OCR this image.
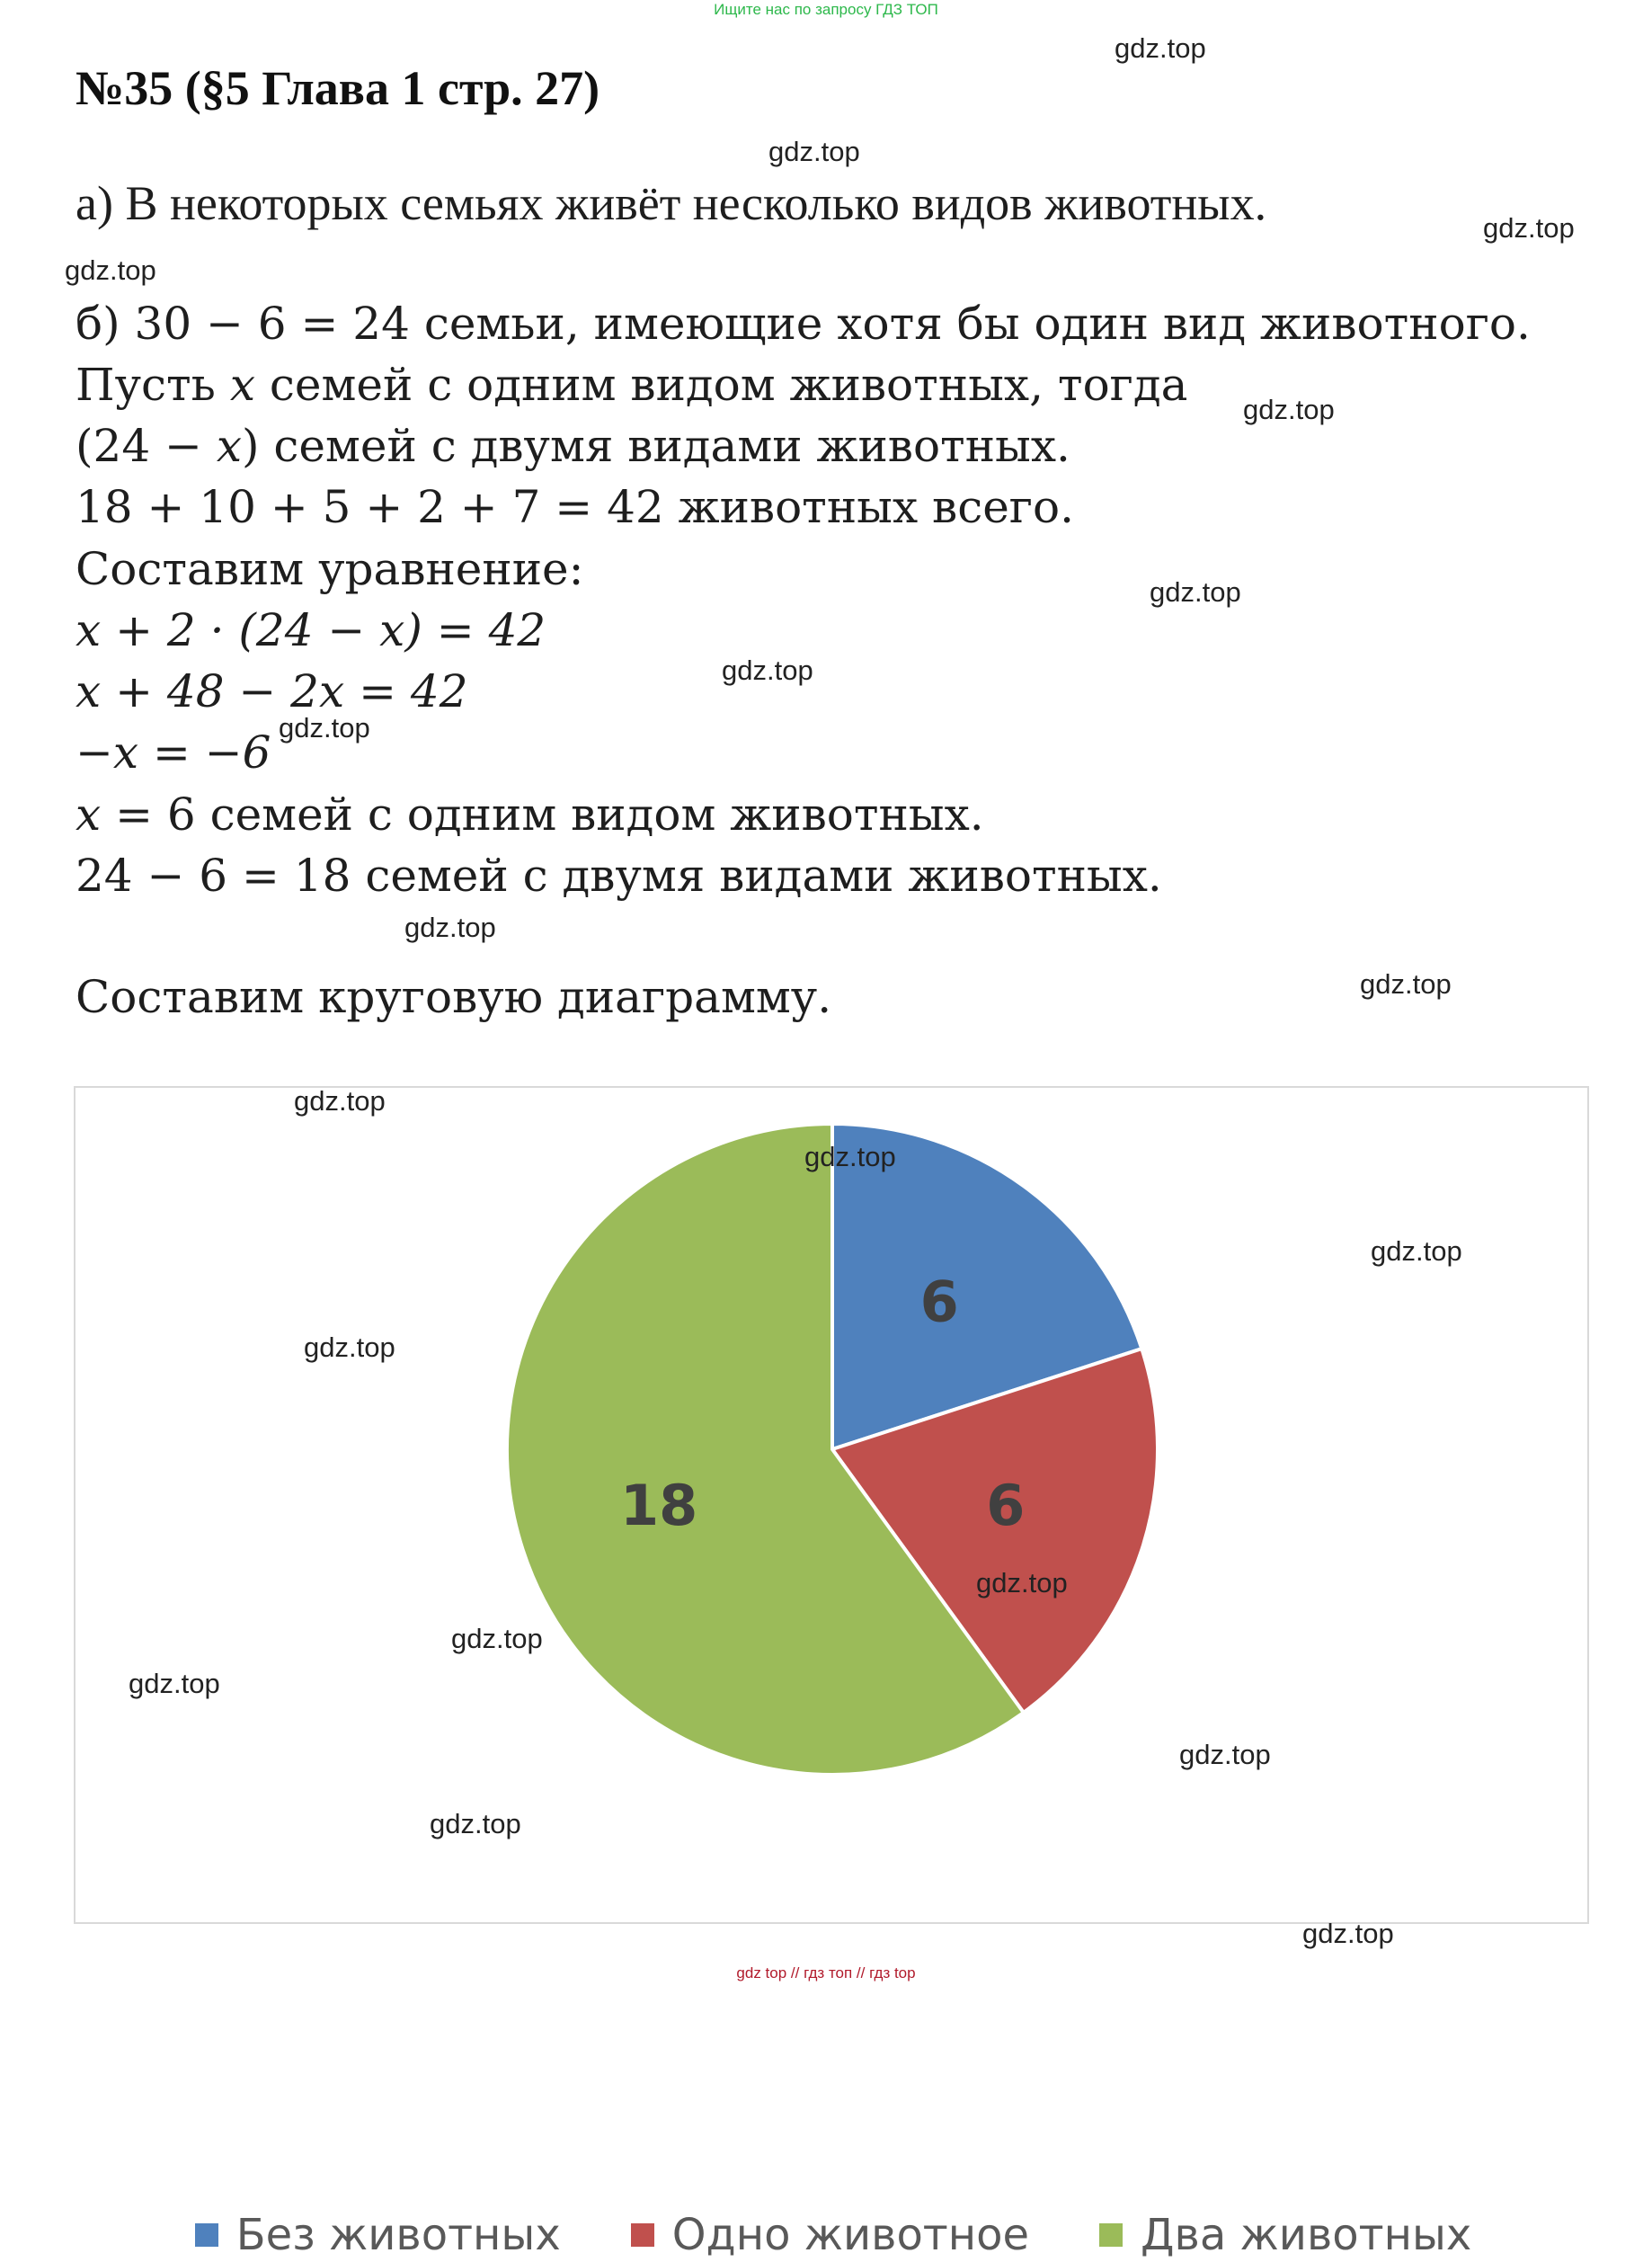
Ищите нас по запросу ГДЗ ТОП
№35 (§5 Глава 1 стр. 27)

а) В некоторых семьях живёт несколько видов животных.

б) 30 − 6 = 24 семьи, имеющие хотя бы один вид животного.

Пусть x семей с одним видом животных, тогда

(24 − x) семей с двумя видами животных.

18 + 10 + 5 + 2 + 7 = 42 животных всего.

Составим уравнение:

x + 2 · (24 − x) = 42

x + 48 − 2x = 42

−x = −6

x = 6 семей с одним видом животных.

24 − 6 = 18 семей с двумя видами животных.

Составим круговую диаграмму.

6
6
18
Без животных	Одно животное	Два животных
gdz.top
gdz.top
gdz.top
gdz.top
gdz.top
gdz.top
gdz.top
gdz.top
gdz.top
gdz.top
gdz.top
gdz.top
gdz.top
gdz.top
gdz.top
gdz.top
gdz.top
gdz.top
gdz.top
gdz.top
gdz top // гдз топ // гдз top
